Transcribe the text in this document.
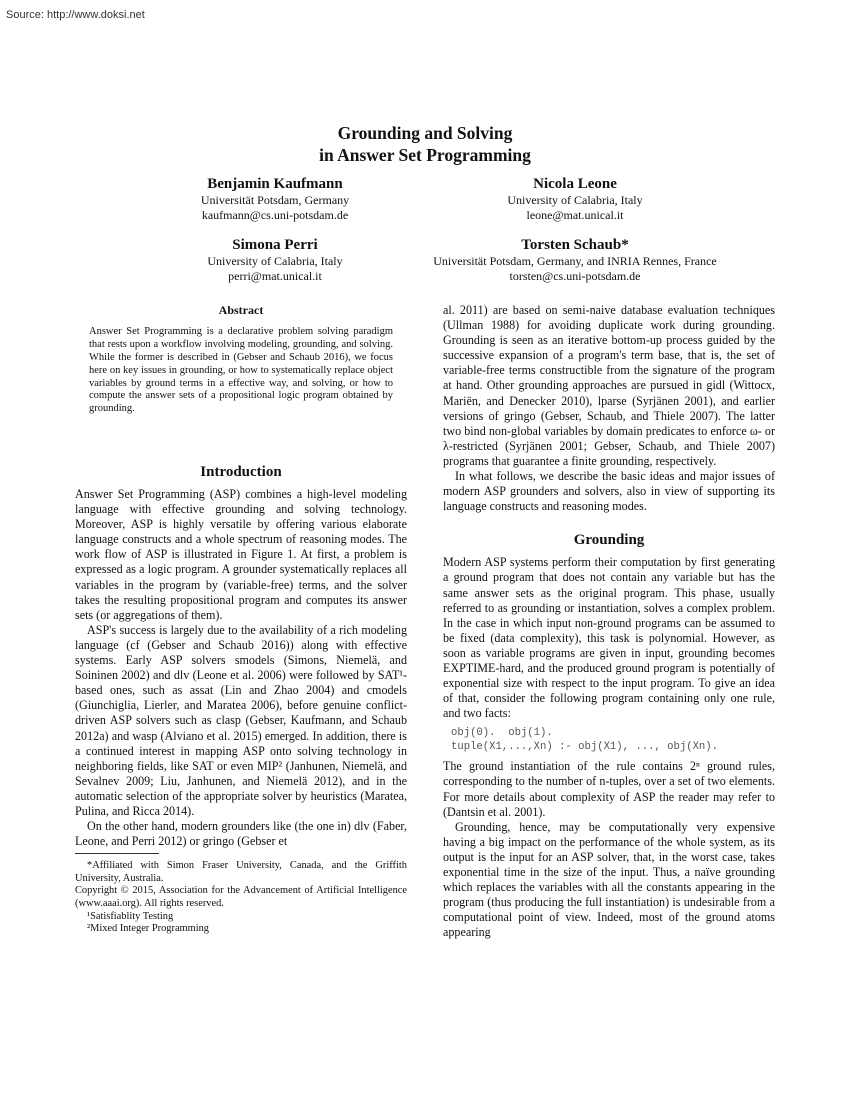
Source: http://www.doksi.net
Grounding and Solving
in Answer Set Programming
Benjamin Kaufmann
Universität Potsdam, Germany
kaufmann@cs.uni-potsdam.de
Nicola Leone
University of Calabria, Italy
leone@mat.unical.it
Simona Perri
University of Calabria, Italy
perri@mat.unical.it
Torsten Schaub*
Universität Potsdam, Germany, and INRIA Rennes, France
torsten@cs.uni-potsdam.de
Abstract
Answer Set Programming is a declarative problem solving paradigm that rests upon a workflow involving modeling, grounding, and solving. While the former is described in (Gebser and Schaub 2016), we focus here on key issues in grounding, or how to systematically replace object variables by ground terms in a effective way, and solving, or how to compute the answer sets of a propositional logic program obtained by grounding.
Introduction

Answer Set Programming (ASP) combines a high-level modeling language with effective grounding and solving technology. Moreover, ASP is highly versatile by offering various elaborate language constructs and a whole spectrum of reasoning modes. The work flow of ASP is illustrated in Figure 1. At first, a problem is expressed as a logic program. A grounder systematically replaces all variables in the program by (variable-free) terms, and the solver takes the resulting propositional program and computes its answer sets (or aggregations of them).

ASP's success is largely due to the availability of a rich modeling language (cf (Gebser and Schaub 2016)) along with effective systems. Early ASP solvers smodels (Simons, Niemelä, and Soininen 2002) and dlv (Leone et al. 2006) were followed by SAT¹-based ones, such as assat (Lin and Zhao 2004) and cmodels (Giunchiglia, Lierler, and Maratea 2006), before genuine conflict-driven ASP solvers such as clasp (Gebser, Kaufmann, and Schaub 2012a) and wasp (Alviano et al. 2015) emerged. In addition, there is a continued interest in mapping ASP onto solving technology in neighboring fields, like SAT or even MIP² (Janhunen, Niemelä, and Sevalnev 2009; Liu, Janhunen, and Niemelä 2012), and in the automatic selection of the appropriate solver by heuristics (Maratea, Pulina, and Ricca 2014).

On the other hand, modern grounders like (the one in) dlv (Faber, Leone, and Perri 2012) or gringo (Gebser et

*Affiliated with Simon Fraser University, Canada, and the Griffith University, Australia.

Copyright © 2015, Association for the Advancement of Artificial Intelligence (www.aaai.org). All rights reserved.

¹Satisfiablity Testing

²Mixed Integer Programming

al. 2011) are based on semi-naive database evaluation techniques (Ullman 1988) for avoiding duplicate work during grounding. Grounding is seen as an iterative bottom-up process guided by the successive expansion of a program's term base, that is, the set of variable-free terms constructible from the signature of the program at hand. Other grounding approaches are pursued in gidl (Wittocx, Mariën, and Denecker 2010), lparse (Syrjänen 2001), and earlier versions of gringo (Gebser, Schaub, and Thiele 2007). The latter two bind non-global variables by domain predicates to enforce ω- or λ-restricted (Syrjänen 2001; Gebser, Schaub, and Thiele 2007) programs that guarantee a finite grounding, respectively.

In what follows, we describe the basic ideas and major issues of modern ASP grounders and solvers, also in view of supporting its language constructs and reasoning modes.

Grounding

Modern ASP systems perform their computation by first generating a ground program that does not contain any variable but has the same answer sets as the original program. This phase, usually referred to as grounding or instantiation, solves a complex problem. In the case in which input non-ground programs can be assumed to be fixed (data complexity), this task is polynomial. However, as soon as variable programs are given in input, grounding becomes EXPTIME-hard, and the produced ground program is potentially of exponential size with respect to the input program. To give an idea of that, consider the following program containing only one rule, and two facts:

obj(0).  obj(1).
tuple(X1,...,Xn) :- obj(X1), ..., obj(Xn).

The ground instantiation of the rule contains 2ⁿ ground rules, corresponding to the number of n-tuples, over a set of two elements. For more details about complexity of ASP the reader may refer to (Dantsin et al. 2001).

Grounding, hence, may be computationally very expensive having a big impact on the performance of the whole system, as its output is the input for an ASP solver, that, in the worst case, takes exponential time in the size of the input. Thus, a naïve grounding which replaces the variables with all the constants appearing in the program (thus producing the full instantiation) is undesirable from a computational point of view. Indeed, most of the ground atoms appearing
